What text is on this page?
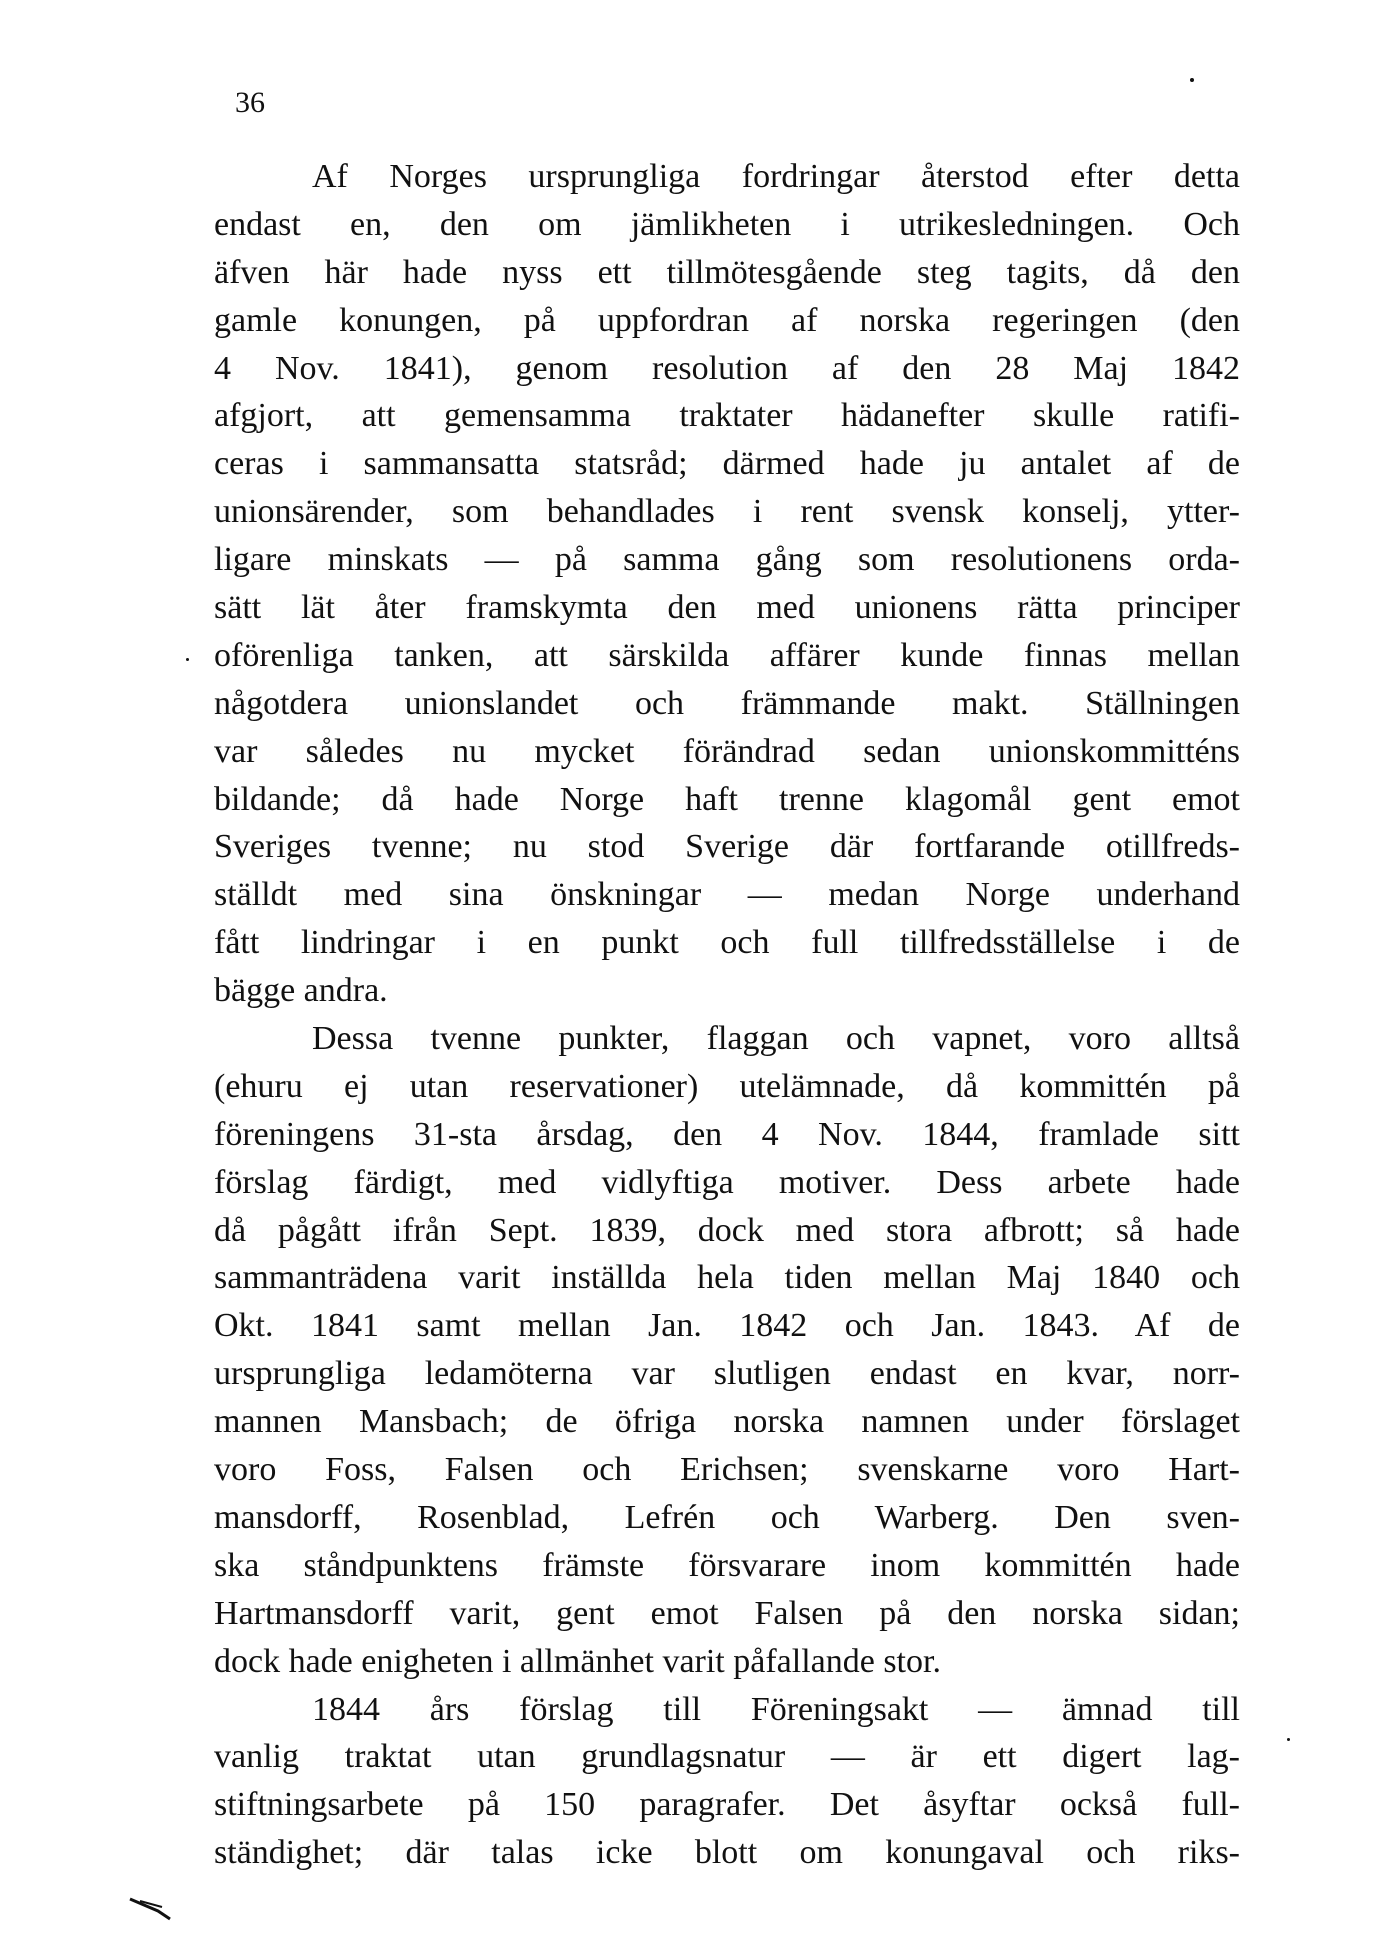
36
Af Norges ursprungliga fordringar återstod efter detta
endast en, den om jämlikheten i utrikesledningen. Och
äfven här hade nyss ett tillmötesgående steg tagits, då den
gamle konungen, på uppfordran af norska regeringen (den
4 Nov. 1841), genom resolution af den 28 Maj 1842
afgjort, att gemensamma traktater hädanefter skulle ratifi-
ceras i sammansatta statsråd; därmed hade ju antalet af de
unionsärender, som behandlades i rent svensk konselj, ytter-
ligare minskats — på samma gång som resolutionens orda-
sätt lät åter framskymta den med unionens rätta principer
oförenliga tanken, att särskilda affärer kunde finnas mellan
någotdera unionslandet och främmande makt. Ställningen
var således nu mycket förändrad sedan unionskommitténs
bildande; då hade Norge haft trenne klagomål gent emot
Sveriges tvenne; nu stod Sverige där fortfarande otillfreds-
ställdt med sina önskningar — medan Norge underhand
fått lindringar i en punkt och full tillfredsställelse i de
bägge andra.
Dessa tvenne punkter, flaggan och vapnet, voro alltså
(ehuru ej utan reservationer) utelämnade, då kommittén på
föreningens 31-sta årsdag, den 4 Nov. 1844, framlade sitt
förslag färdigt, med vidlyftiga motiver. Dess arbete hade
då pågått ifrån Sept. 1839, dock med stora afbrott; så hade
sammanträdena varit inställda hela tiden mellan Maj 1840 och
Okt. 1841 samt mellan Jan. 1842 och Jan. 1843. Af de
ursprungliga ledamöterna var slutligen endast en kvar, norr-
mannen Mansbach; de öfriga norska namnen under förslaget
voro Foss, Falsen och Erichsen; svenskarne voro Hart-
mansdorff, Rosenblad, Lefrén och Warberg. Den sven-
ska ståndpunktens främste försvarare inom kommittén hade
Hartmansdorff varit, gent emot Falsen på den norska sidan;
dock hade enigheten i allmänhet varit påfallande stor.
1844 års förslag till Föreningsakt — ämnad till
vanlig traktat utan grundlagsnatur — är ett digert lag-
stiftningsarbete på 150 paragrafer. Det åsyftar också full-
ständighet; där talas icke blott om konungaval och riks-
